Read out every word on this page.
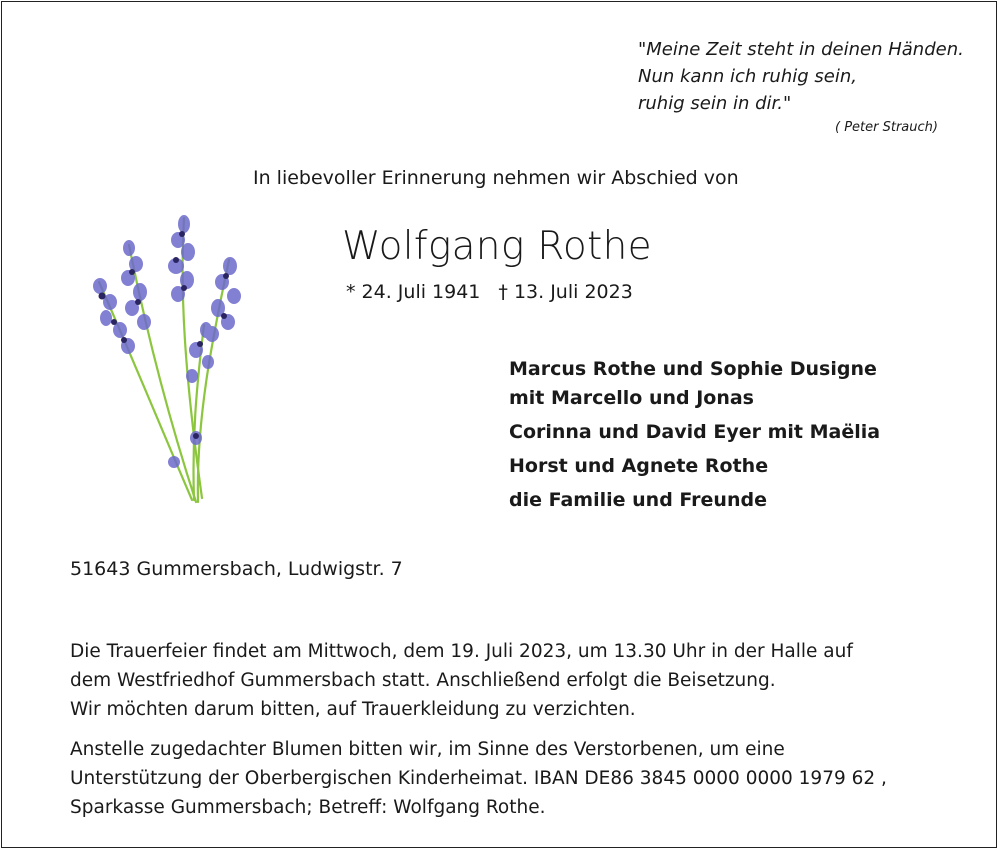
"Meine Zeit steht in deinen Händen.
Nun kann ich ruhig sein,
ruhig sein in dir."
( Peter Strauch)
In liebevoller Erinnerung nehmen wir Abschied von
Wolfgang Rothe
* 24. Juli 1941 † 13. Juli 2023
Marcus Rothe und Sophie Dusigne
mit Marcello und Jonas
Corinna und David Eyer mit Maëlia
Horst und Agnete Rothe
die Familie und Freunde
51643 Gummersbach, Ludwigstr. 7
Die Trauerfeier findet am Mittwoch, dem 19. Juli 2023, um 13.30 Uhr in der Halle auf
dem Westfriedhof Gummersbach statt. Anschließend erfolgt die Beisetzung.
Wir möchten darum bitten, auf Trauerkleidung zu verzichten.
Anstelle zugedachter Blumen bitten wir, im Sinne des Verstorbenen, um eine
Unterstützung der Oberbergischen Kinderheimat. IBAN DE86 3845 0000 0000 1979 62 ,
Sparkasse Gummersbach; Betreff: Wolfgang Rothe.
